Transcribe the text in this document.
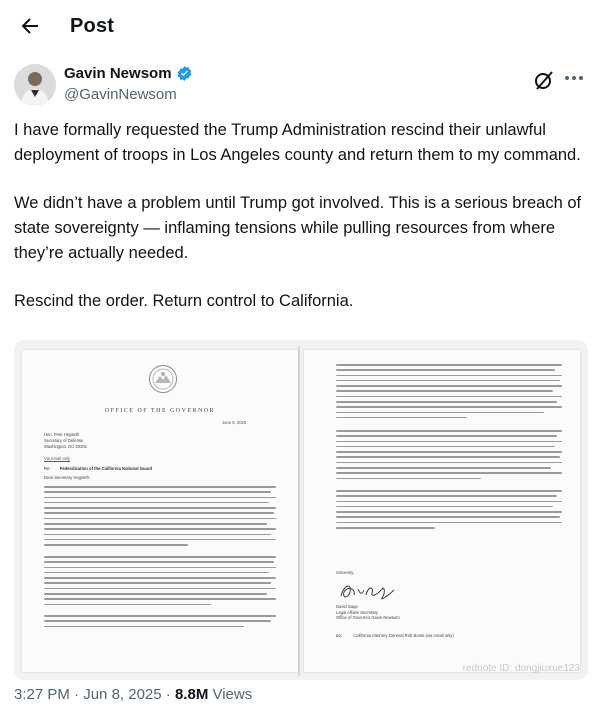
Post
Gavin Newsom
@GavinNewsom

I have formally requested the Trump Administration rescind their unlawful deployment of troops in Los Angeles county and return them to my command.

We didn’t have a problem until Trump got involved. This is a serious breach of state sovereignty — inflaming tensions while pulling resources from where they’re actually needed.

Rescind the order. Return control to California.

OFFICE OF THE GOVERNOR
June 8, 2025
Hon. Pete Hegseth
Secretary of Defense
Washington, DC 20301
Via email only
Re: Federalization of the California National Guard
Dear Secretary Hegseth:
Sincerely,
David Sapp
Legal Affairs Secretary
Office of Governor Gavin Newsom
cc:	California Attorney General Rob Bonta (via email only)
rednote ID: dongjiuxue123
3:27 PM · Jun 8, 2025 · 8.8M Views
